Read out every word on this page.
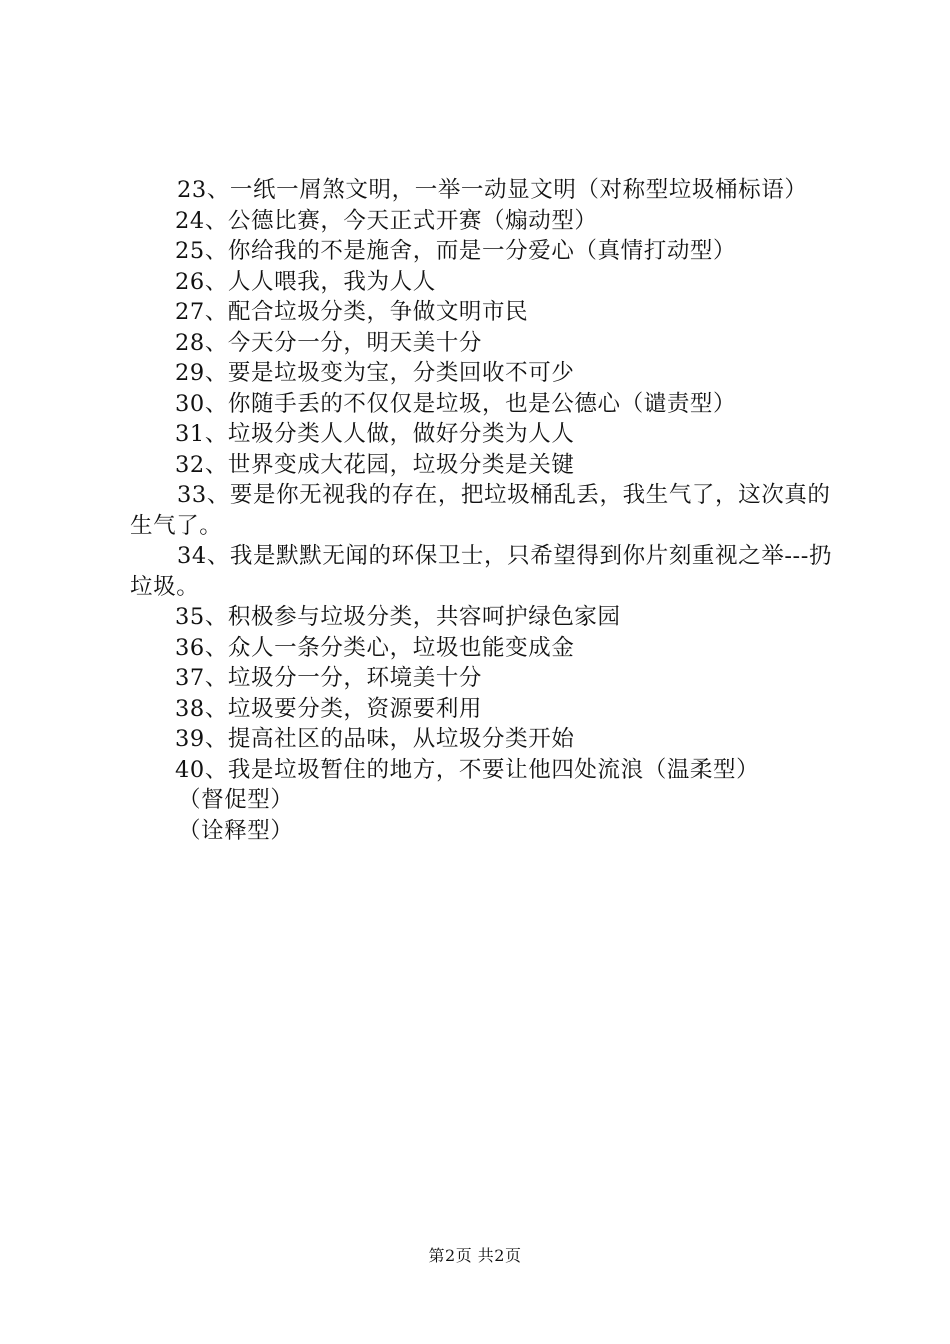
23、一纸一屑煞文明，一举一动显文明（对称型垃圾桶标语）

24、公德比赛，今天正式开赛（煽动型）

25、你给我的不是施舍，而是一分爱心（真情打动型）

26、人人喂我，我为人人

27、配合垃圾分类，争做文明市民

28、今天分一分，明天美十分

29、要是垃圾变为宝，分类回收不可少

30、你随手丢的不仅仅是垃圾，也是公德心（谴责型）

31、垃圾分类人人做，做好分类为人人

32、世界变成大花园，垃圾分类是关键

33、要是你无视我的存在，把垃圾桶乱丢，我生气了，这次真的生气了。

34、我是默默无闻的环保卫士，只希望得到你片刻重视之举---扔垃圾。

35、积极参与垃圾分类，共容呵护绿色家园

36、众人一条分类心，垃圾也能变成金

37、垃圾分一分，环境美十分

38、垃圾要分类，资源要利用

39、提高社区的品味，从垃圾分类开始

40、我是垃圾暂住的地方，不要让他四处流浪（温柔型）

（督促型）

（诠释型）

第2页 共2页
